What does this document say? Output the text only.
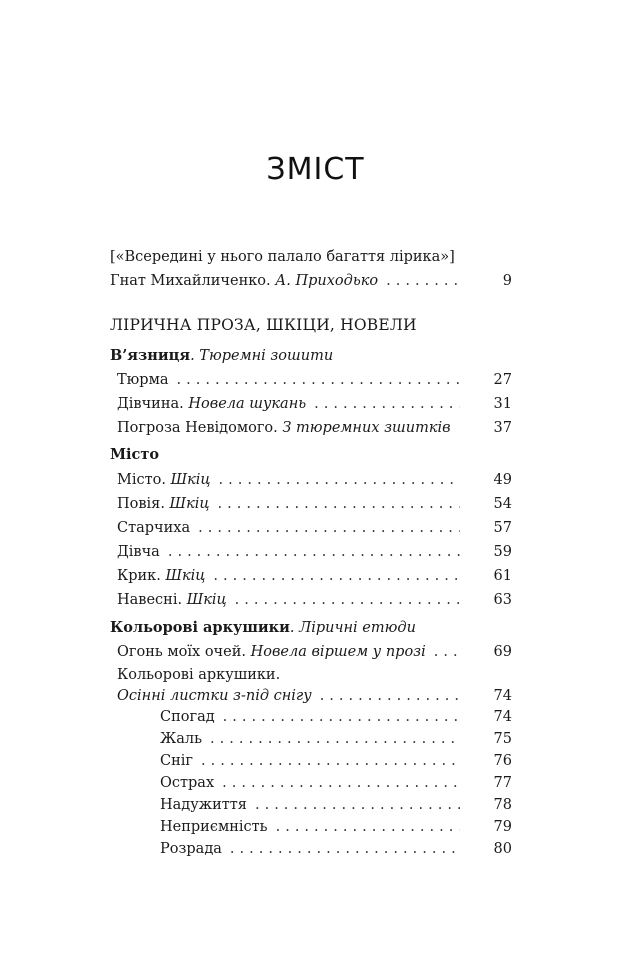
ЗМІСТ
[«Всередині у нього палало багаття лірика»]
Гнат Михайличенко. А. Приходько . . .	9
ЛІРИЧНА ПРОЗА, ШКІЦИ, НОВЕЛИ
В’язниця. Тюремні зошити
Тюрма . . .	27
Дівчина. Новела шукань . . .	31
Погроза Невідомого. З тюремних зшитків . . .	37
Місто
Місто. Шкіц . . .	49
Повія. Шкіц . . .	54
Старчиха . . .	57
Дівча . . .	59
Крик. Шкіц . . .	61
Навесні. Шкіц . . .	63
Кольорові аркушики. Ліричні етюди
Огонь моїх очей. Новела віршем у прозі . . .	69
Кольорові аркушики.
Осінні листки з-під снігу . . .	74
Спогад . . .	74
Жаль . . .	75
Сніг . . .	76
Острах . . .	77
Надужиття . . .	78
Неприємність . . .	79
Розрада . . .	80
